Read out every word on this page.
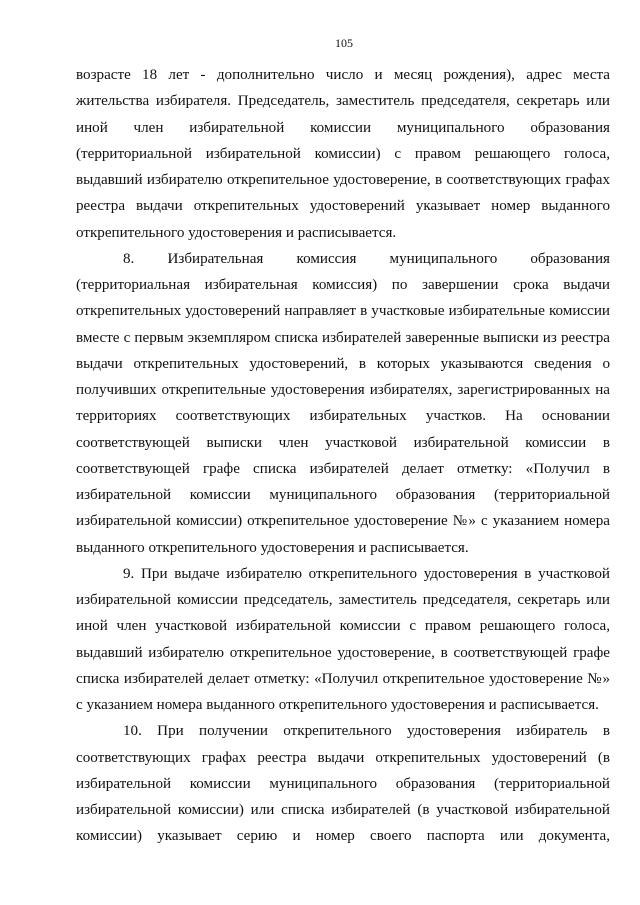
105

возрасте 18 лет - дополнительно число и месяц рождения), адрес места жительства избирателя. Председатель, заместитель председателя, секретарь или иной член избирательной комиссии муниципального образования (территориальной избирательной комиссии) с правом решающего голоса, выдавший избирателю открепительное удостоверение, в соответствующих графах реестра выдачи открепительных удостоверений указывает номер выданного открепительного удостоверения и расписывается.

8. Избирательная комиссия муниципального образования (территориальная избирательная комиссия) по завершении срока выдачи открепительных удостоверений направляет в участковые избирательные комиссии вместе с первым экземпляром списка избирателей заверенные выписки из реестра выдачи открепительных удостоверений, в которых указываются сведения о получивших открепительные удостоверения избирателях, зарегистрированных на территориях соответствующих избирательных участков. На основании соответствующей выписки член участковой избирательной комиссии в соответствующей графе списка избирателей делает отметку: «Получил в избирательной комиссии муниципального образования (территориальной избирательной комиссии) открепительное удостоверение №» с указанием номера выданного открепительного удостоверения и расписывается.

9. При выдаче избирателю открепительного удостоверения в участковой избирательной комиссии председатель, заместитель председателя, секретарь или иной член участковой избирательной комиссии с правом решающего голоса, выдавший избирателю открепительное удостоверение, в соответствующей графе списка избирателей делает отметку: «Получил открепительное удостоверение №» с указанием номера выданного открепительного удостоверения и расписывается.

10. При получении открепительного удостоверения избиратель в соответствующих графах реестра выдачи открепительных удостоверений (в избирательной комиссии муниципального образования (территориальной избирательной комиссии) или списка избирателей (в участковой избирательной комиссии) указывает серию и номер своего паспорта или документа,
